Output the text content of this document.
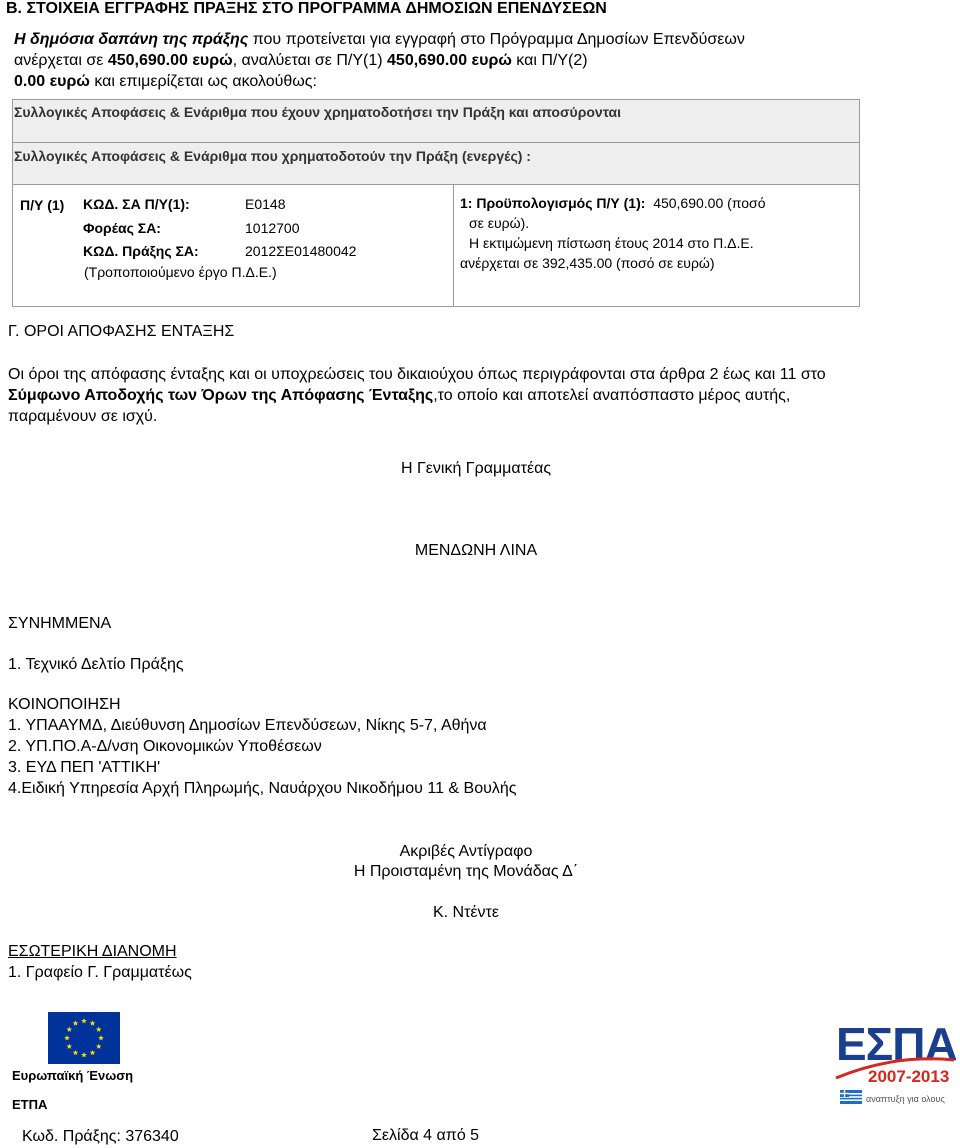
Β. ΣΤΟΙΧΕΙΑ ΕΓΓΡΑΦΗΣ ΠΡΑΞΗΣ ΣΤΟ ΠΡΟΓΡΑΜΜΑ ΔΗΜΟΣΙΩΝ ΕΠΕΝΔΥΣΕΩΝ
Η δημόσια δαπάνη της πράξης που προτείνεται για εγγραφή στο Πρόγραμμα Δημοσίων Επενδύσεων
ανέρχεται σε 450,690.00 ευρώ, αναλύεται σε Π/Υ(1) 450,690.00 ευρώ και Π/Υ(2)
0.00 ευρώ και επιμερίζεται ως ακολούθως:
Συλλογικές Αποφάσεις & Ενάριθμα που έχουν χρηματοδοτήσει την Πράξη και αποσύρονται
Συλλογικές Αποφάσεις & Ενάριθμα που χρηματοδοτούν την Πράξη (ενεργές) :
Π/Υ (1) ΚΩΔ. ΣΑ Π/Υ(1):	Ε0148
Φορέας ΣΑ:	1012700
ΚΩΔ. Πράξης ΣΑ:	2012ΣΕ01480042
(Τροποποιούμενο έργο Π.Δ.Ε.)
1: Προϋπολογισμός Π/Υ (1): 450,690.00 (ποσό
σε ευρώ).
Η εκτιμώμενη πίστωση έτους 2014 στο Π.Δ.Ε.
ανέρχεται σε 392,435.00 (ποσό σε ευρώ)
Γ. ΟΡΟΙ ΑΠΟΦΑΣΗΣ ΕΝΤΑΞΗΣ
Οι όροι της απόφασης ένταξης και οι υποχρεώσεις του δικαιούχου όπως περιγράφονται στα άρθρα 2 έως και 11 στο
Σύμφωνο Αποδοχής των Όρων της Απόφασης Ένταξης,το οποίο και αποτελεί αναπόσπαστο μέρος αυτής,
παραμένουν σε ισχύ.
Η Γενική Γραμματέας
ΜΕΝΔΩΝΗ ΛΙΝΑ
ΣΥΝΗΜΜΕΝΑ
1. Τεχνικό Δελτίο Πράξης
ΚΟΙΝΟΠΟΙΗΣΗ
1. ΥΠΑΑΥΜΔ, Διεύθυνση Δημοσίων Επενδύσεων, Νίκης 5-7, Αθήνα
2. ΥΠ.ΠΟ.Α-Δ/νση Οικονομικών Υποθέσεων
3. ΕΥΔ ΠΕΠ 'ΑΤΤΙΚΗ'
4.Ειδική Υπηρεσία Αρχή Πληρωμής, Ναυάρχου Νικοδήμου 11 & Βουλής
Ακριβές Αντίγραφο
Η Προισταμένη της Μονάδας Δ΄
Κ. Ντέντε
ΕΣΩΤΕΡΙΚΗ ΔΙΑΝΟΜΗ
1. Γραφείο Γ. Γραμματέως
Ευρωπαϊκή Ένωση
ΕΤΠΑ
ΕΣΠΑ
2007-2013
αναπτυξη για ολους
Κωδ. Πράξης: 376340	Σελίδα 4 από 5
